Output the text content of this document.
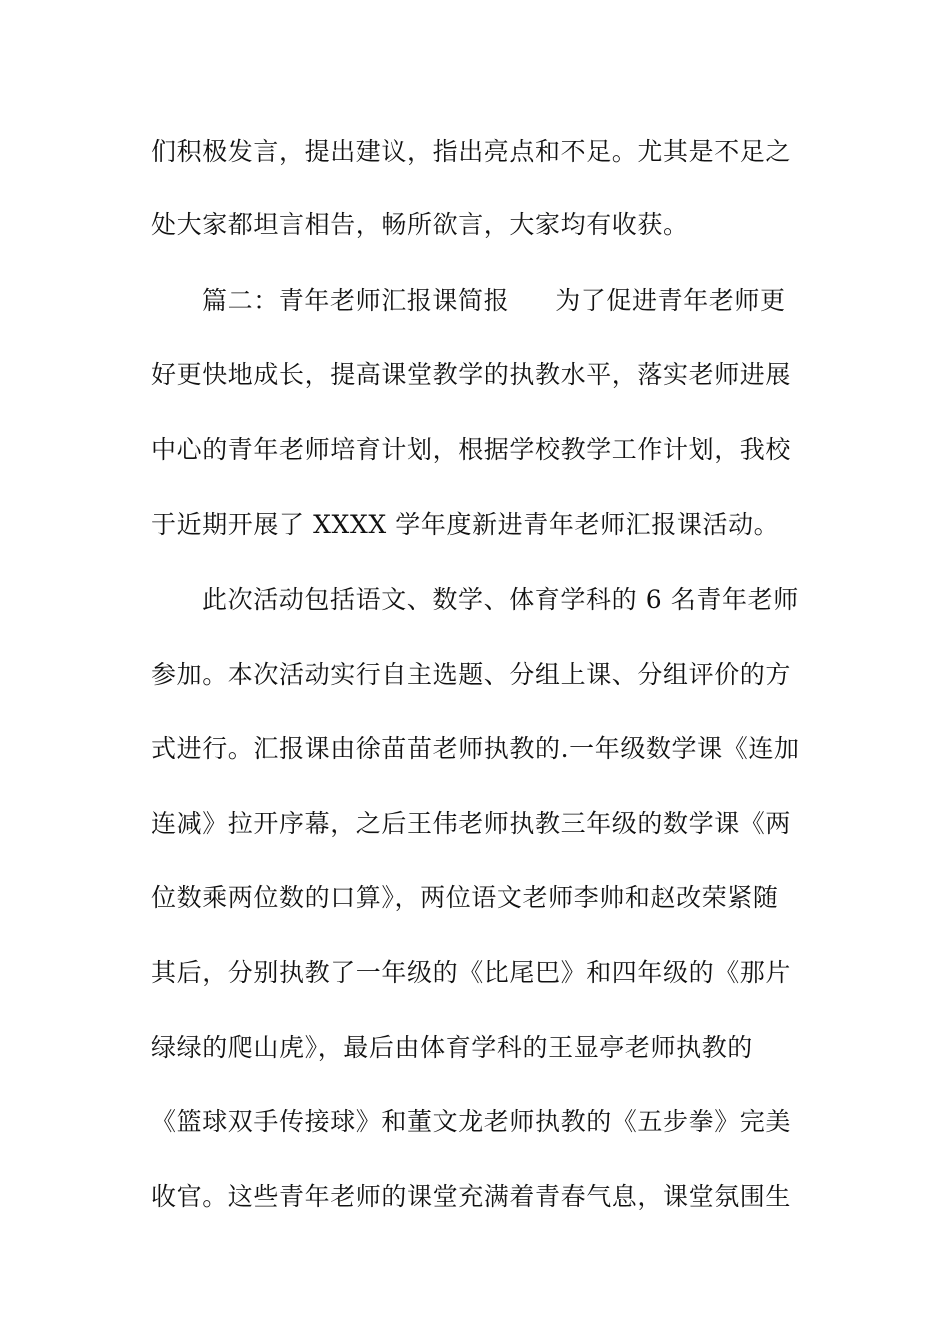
们积极发言，提出建议，指出亮点和不足。尤其是不足之
处大家都坦言相告，畅所欲言，大家均有收获。
篇二：青年老师汇报课简报 为了促进青年老师更
好更快地成长，提高课堂教学的执教水平，落实老师进展
中心的青年老师培育计划，根据学校教学工作计划，我校
于近期开展了 XXXX 学年度新进青年老师汇报课活动。
此次活动包括语文、数学、体育学科的 6 名青年老师
参加。本次活动实行自主选题、分组上课、分组评价的方
式进行。汇报课由徐苗苗老师执教的.一年级数学课《连加
连减》拉开序幕，之后王伟老师执教三年级的数学课《两
位数乘两位数的口算》，两位语文老师李帅和赵改荣紧随
其后，分别执教了一年级的《比尾巴》和四年级的《那片
绿绿的爬山虎》，最后由体育学科的王显亭老师执教的
《篮球双手传接球》和董文龙老师执教的《五步拳》完美
收官。这些青年老师的课堂充满着青春气息，课堂氛围生
